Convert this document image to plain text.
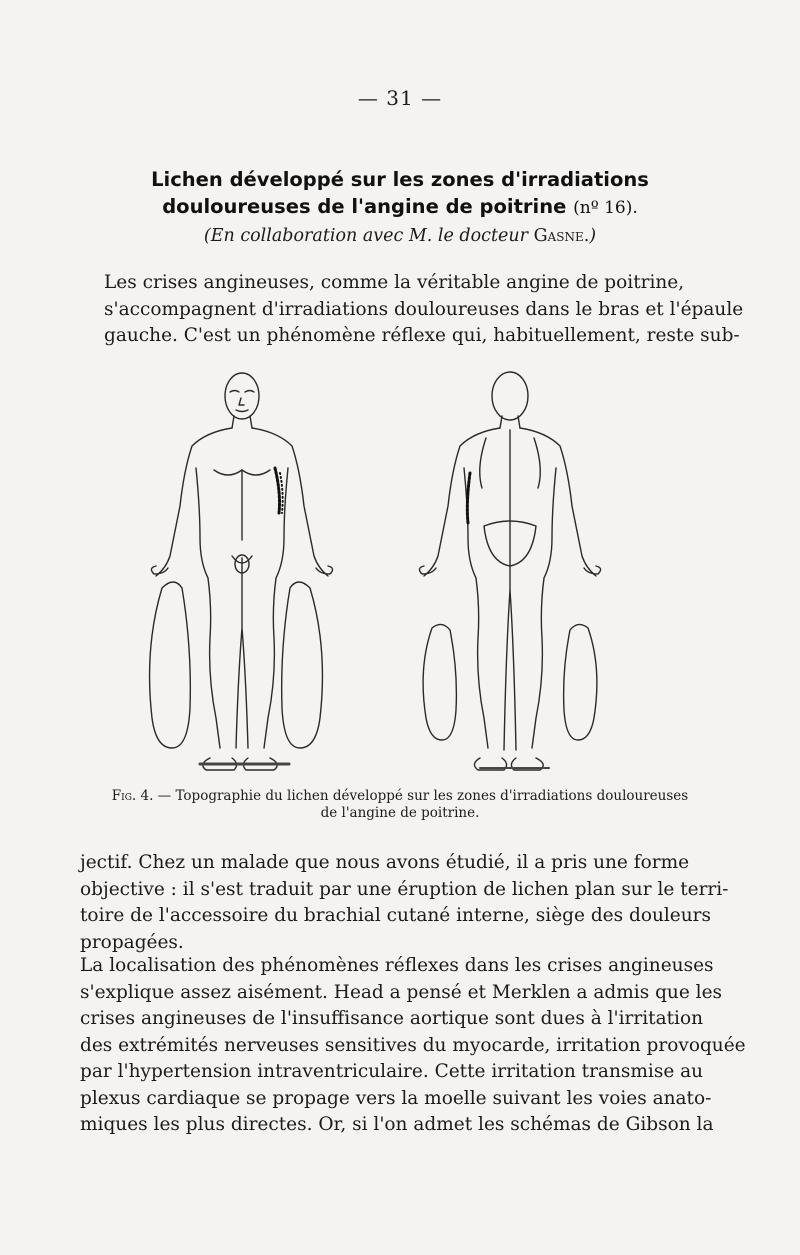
— 31 —
Lichen développé sur les zones d'irradiations
douloureuses de l'angine de poitrine (nº 16).
(En collaboration avec M. le docteur Gasne.)
Les crises angineuses, comme la véritable angine de poitrine,
s'accompagnent d'irradiations douloureuses dans le bras et l'épaule
gauche. C'est un phénomène réflexe qui, habituellement, reste sub-
Fig. 4. — Topographie du lichen développé sur les zones d'irradiations douloureuses
de l'angine de poitrine.
jectif. Chez un malade que nous avons étudié, il a pris une forme
objective : il s'est traduit par une éruption de lichen plan sur le terri-
toire de l'accessoire du brachial cutané interne, siège des douleurs
propagées.
La localisation des phénomènes réflexes dans les crises angineuses
s'explique assez aisément. Head a pensé et Merklen a admis que les
crises angineuses de l'insuffisance aortique sont dues à l'irritation
des extrémités nerveuses sensitives du myocarde, irritation provoquée
par l'hypertension intraventriculaire. Cette irritation transmise au
plexus cardiaque se propage vers la moelle suivant les voies anato-
miques les plus directes. Or, si l'on admet les schémas de Gibson la
